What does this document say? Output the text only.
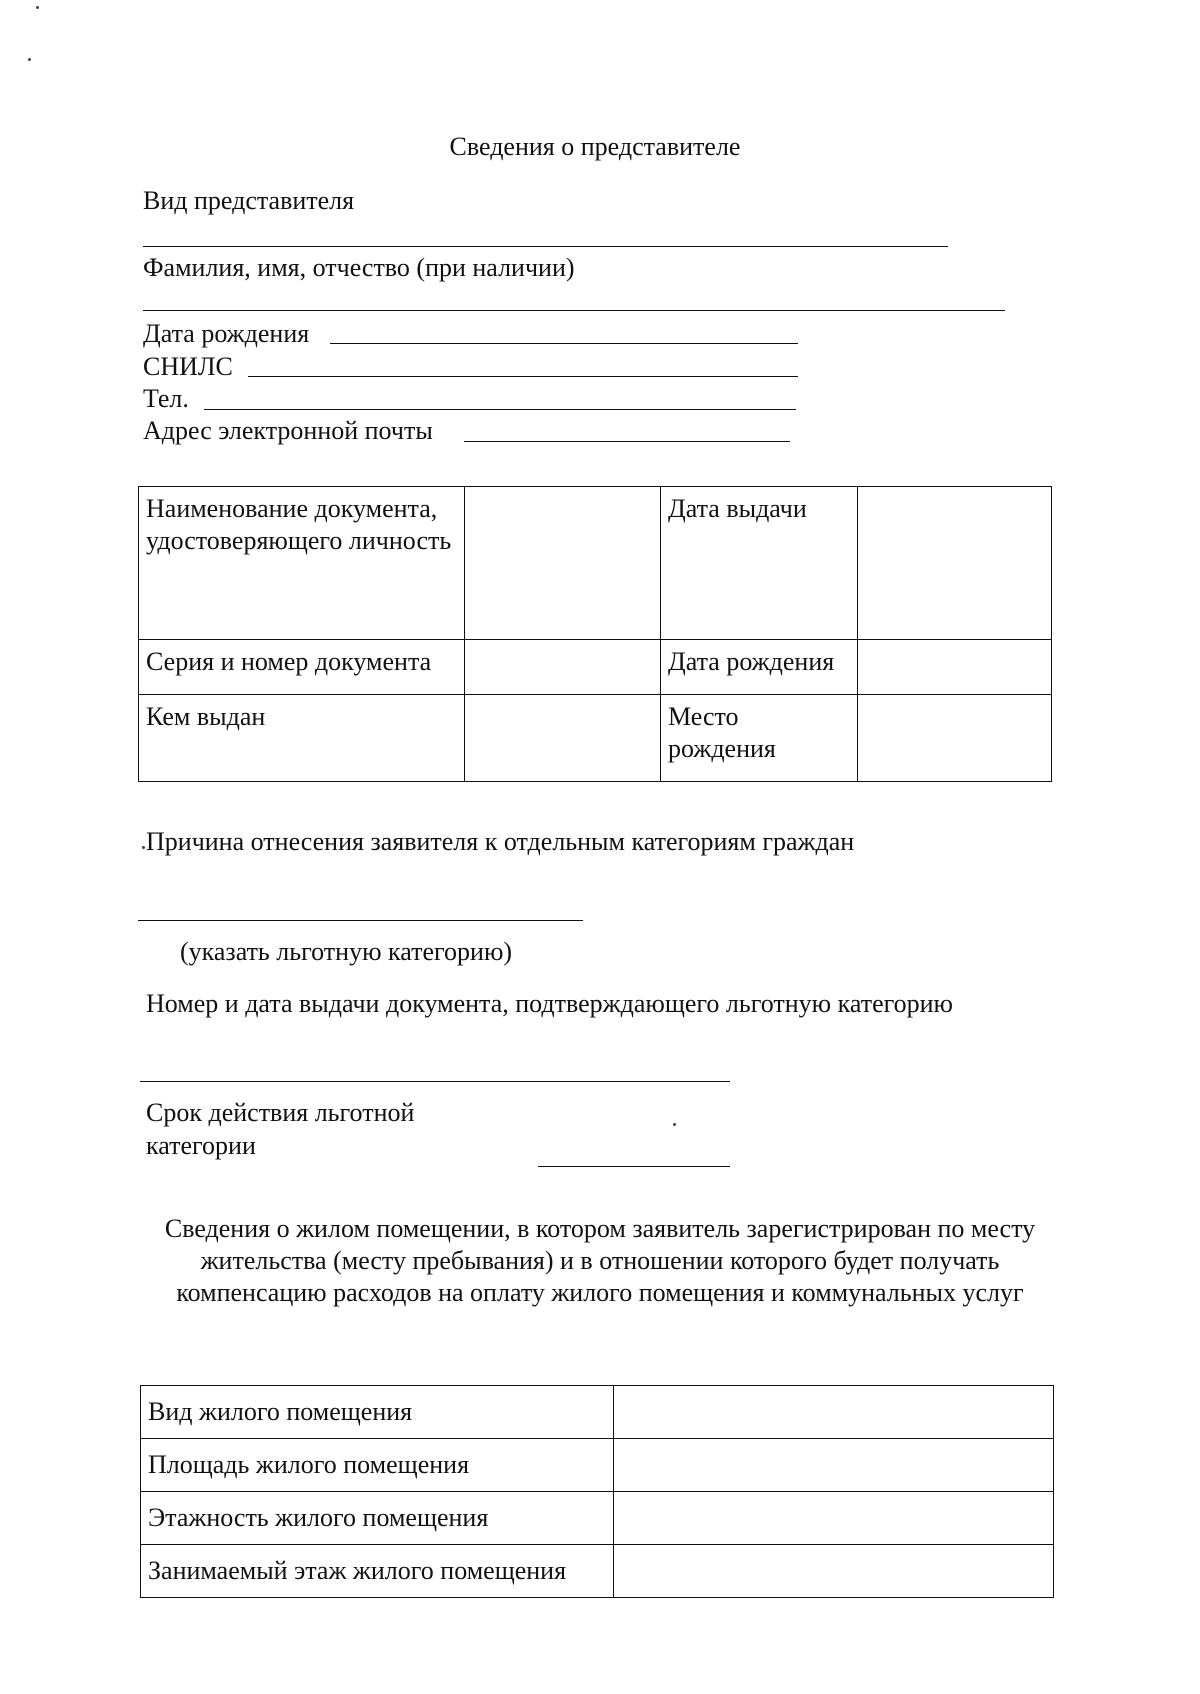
Сведения о представителе
Вид представителя
Фамилия, имя, отчество (при наличии)
Дата рождения
СНИЛС
Тел.
Адрес электронной почты
Наименование документа, удостоверяющего личность		Дата выдачи	
Серия и номер документа		Дата рождения	
Кем выдан		Место рождения	
Причина отнесения заявителя к отдельным категориям граждан
(указать льготную категорию)
Номер и дата выдачи документа, подтверждающего льготную категорию
Срок действия льготной категории
Сведения о жилом помещении, в котором заявитель зарегистрирован по месту жительства (месту пребывания) и в отношении которого будет получать компенсацию расходов на оплату жилого помещения и коммунальных услуг
Вид жилого помещения	
Площадь жилого помещения	
Этажность жилого помещения	
Занимаемый этаж жилого помещения	
